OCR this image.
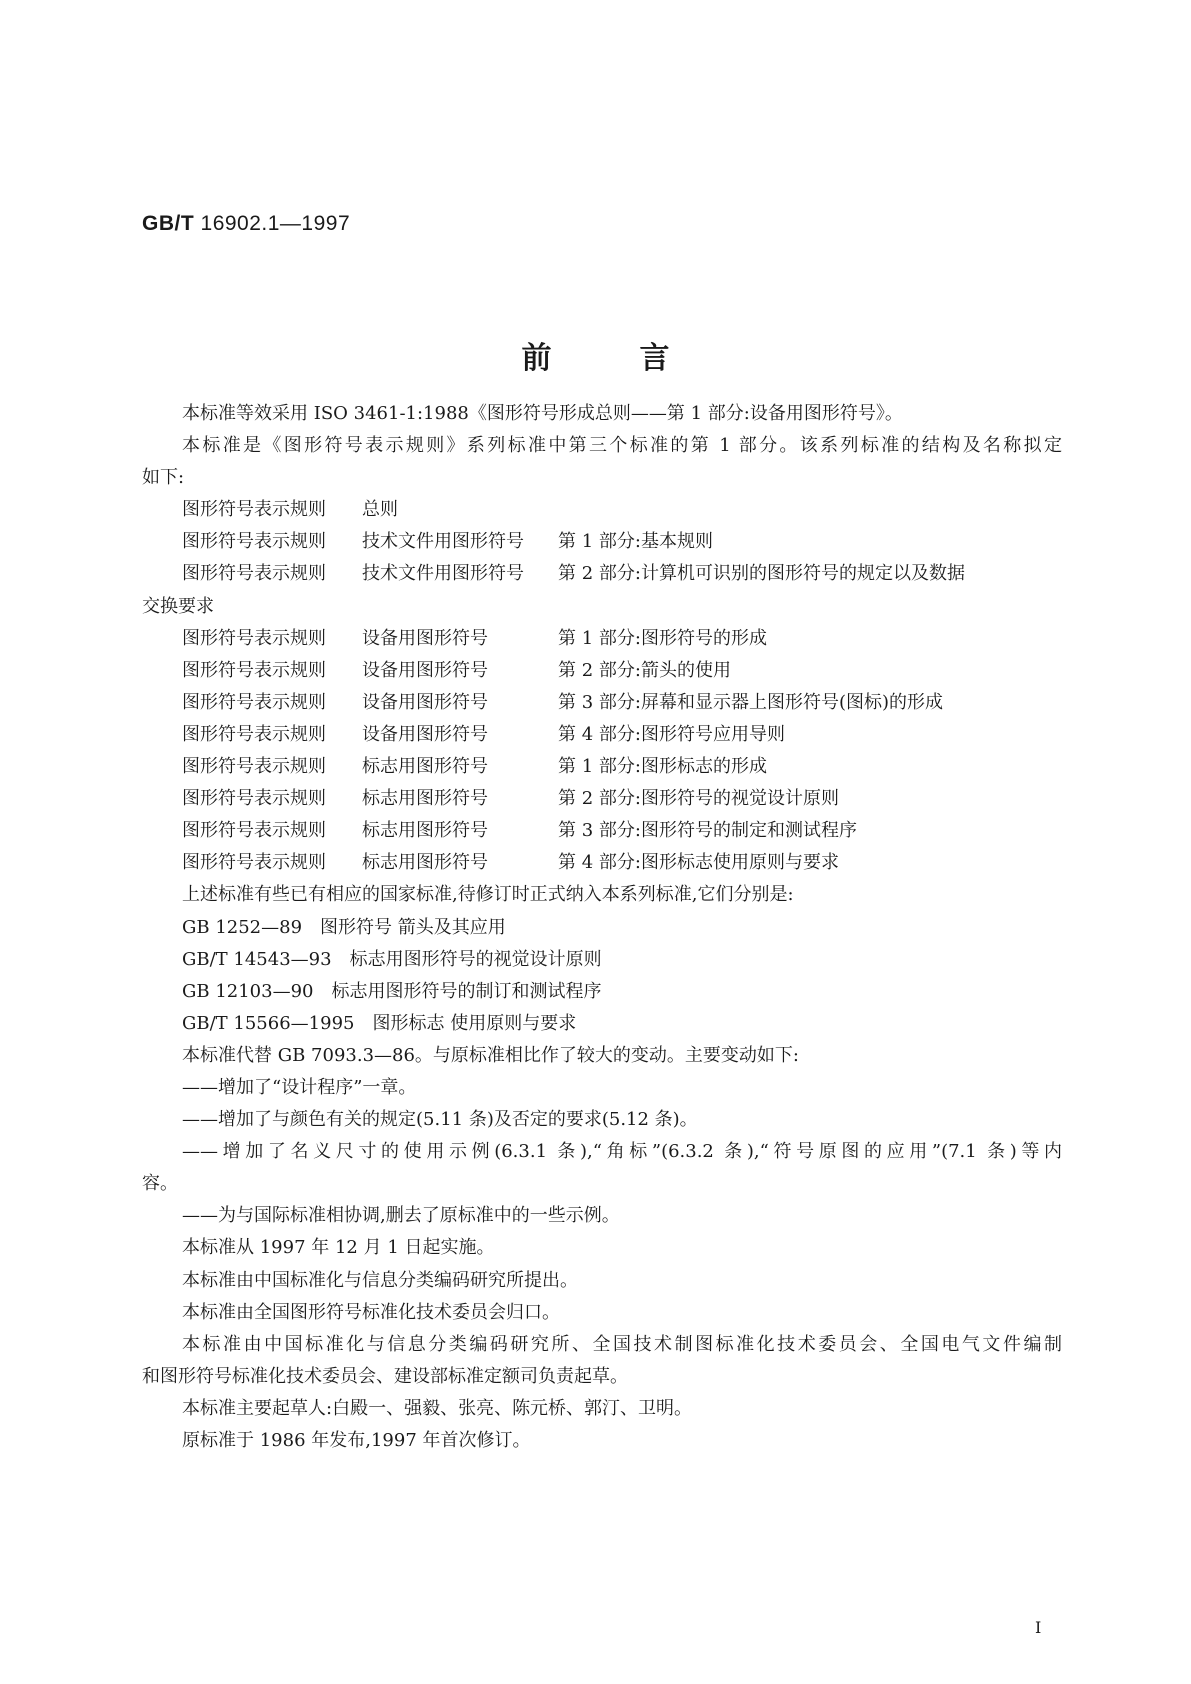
GB/T 16902.1—1997
前言
本标准等效采用 ISO 3461-1:1988《图形符号形成总则——第 1 部分:设备用图形符号》。
本标准是《图形符号表示规则》系列标准中第三个标准的第 1 部分。该系列标准的结构及名称拟定
如下:
图形符号表示规则 总则
图形符号表示规则 技术文件用图形符号 第 1 部分:基本规则
图形符号表示规则 技术文件用图形符号 第 2 部分:计算机可识别的图形符号的规定以及数据
交换要求
图形符号表示规则 设备用图形符号	第 1 部分:图形符号的形成
图形符号表示规则 设备用图形符号	第 2 部分:箭头的使用
图形符号表示规则 设备用图形符号	第 3 部分:屏幕和显示器上图形符号(图标)的形成
图形符号表示规则 设备用图形符号	第 4 部分:图形符号应用导则
图形符号表示规则 标志用图形符号	第 1 部分:图形标志的形成
图形符号表示规则 标志用图形符号	第 2 部分:图形符号的视觉设计原则
图形符号表示规则 标志用图形符号	第 3 部分:图形符号的制定和测试程序
图形符号表示规则 标志用图形符号	第 4 部分:图形标志使用原则与要求
上述标准有些已有相应的国家标准,待修订时正式纳入本系列标准,它们分别是:
GB 1252—89 图形符号 箭头及其应用
GB/T 14543—93 标志用图形符号的视觉设计原则
GB 12103—90 标志用图形符号的制订和测试程序
GB/T 15566—1995 图形标志 使用原则与要求
本标准代替 GB 7093.3—86。与原标准相比作了较大的变动。主要变动如下:
——增加了“设计程序”一章。
——增加了与颜色有关的规定(5.11 条)及否定的要求(5.12 条)。
——增加了名义尺寸的使用示例(6.3.1 条),“角标”(6.3.2 条),“符号原图的应用”(7.1 条)等内
容。
——为与国际标准相协调,删去了原标准中的一些示例。
本标准从 1997 年 12 月 1 日起实施。
本标准由中国标准化与信息分类编码研究所提出。
本标准由全国图形符号标准化技术委员会归口。
本标准由中国标准化与信息分类编码研究所、全国技术制图标准化技术委员会、全国电气文件编制
和图形符号标准化技术委员会、建设部标准定额司负责起草。
本标准主要起草人:白殿一、强毅、张亮、陈元桥、郭汀、卫明。
原标准于 1986 年发布,1997 年首次修订。
I
